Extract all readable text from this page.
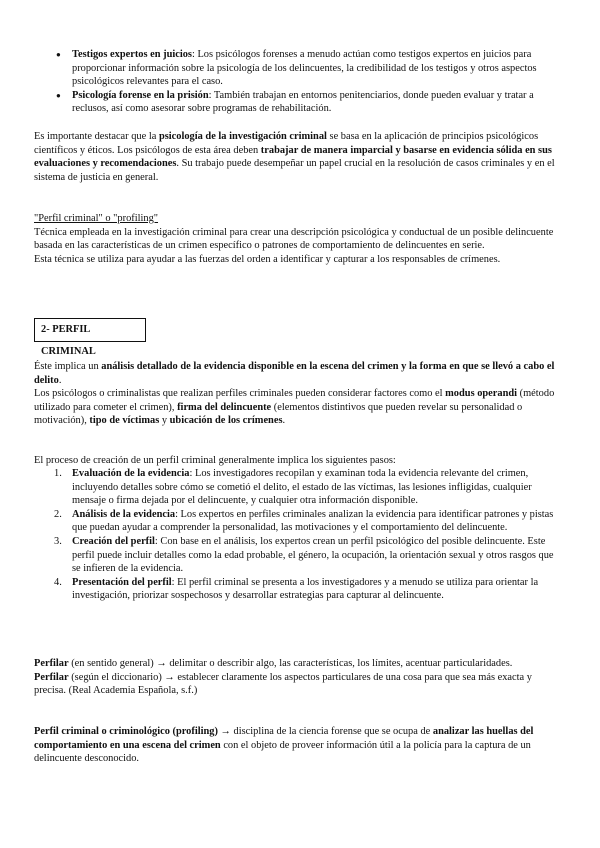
● Testigos expertos en juicios: Los psicólogos forenses a menudo actúan como testigos expertos en juicios para proporcionar información sobre la psicología de los delincuentes, la credibilidad de los testigos y otros aspectos psicológicos relevantes para el caso.
● Psicología forense en la prisión: También trabajan en entornos penitenciarios, donde pueden evaluar y tratar a reclusos, así como asesorar sobre programas de rehabilitación.

Es importante destacar que la psicología de la investigación criminal se basa en la aplicación de principios psicológicos científicos y éticos. Los psicólogos de esta área deben trabajar de manera imparcial y basarse en evidencia sólida en sus evaluaciones y recomendaciones. Su trabajo puede desempeñar un papel crucial en la resolución de casos criminales y en el sistema de justicia en general.

"Perfil criminal" o "profiling"

Técnica empleada en la investigación criminal para crear una descripción psicológica y conductual de un posible delincuente basada en las características de un crimen específico o patrones de comportamiento de delincuentes en serie.

Esta técnica se utiliza para ayudar a las fuerzas del orden a identificar y capturar a los responsables de crímenes.

2- PERFIL CRIMINAL

Éste implica un análisis detallado de la evidencia disponible en la escena del crimen y la forma en que se llevó a cabo el delito.

Los psicólogos o criminalistas que realizan perfiles criminales pueden considerar factores como el modus operandi (método utilizado para cometer el crimen), firma del delincuente (elementos distintivos que pueden revelar su personalidad o motivación), tipo de víctimas y ubicación de los crímenes.

El proceso de creación de un perfil criminal generalmente implica los siguientes pasos:

1. Evaluación de la evidencia: Los investigadores recopilan y examinan toda la evidencia relevante del crimen, incluyendo detalles sobre cómo se cometió el delito, el estado de las víctimas, las lesiones infligidas, cualquier mensaje o firma dejada por el delincuente, y cualquier otra información disponible.
2. Análisis de la evidencia: Los expertos en perfiles criminales analizan la evidencia para identificar patrones y pistas que puedan ayudar a comprender la personalidad, las motivaciones y el comportamiento del delincuente.
3. Creación del perfil: Con base en el análisis, los expertos crean un perfil psicológico del posible delincuente. Este perfil puede incluir detalles como la edad probable, el género, la ocupación, la orientación sexual y otros rasgos que se infieren de la evidencia.
4. Presentación del perfil: El perfil criminal se presenta a los investigadores y a menudo se utiliza para orientar la investigación, priorizar sospechosos y desarrollar estrategias para capturar al delincuente.

Perfilar (en sentido general) → delimitar o describir algo, las características, los límites, acentuar particularidades.

Perfilar (según el diccionario) → establecer claramente los aspectos particulares de una cosa para que sea más exacta y precisa. (Real Academia Española, s.f.)

Perfil criminal o criminológico (profiling) → disciplina de la ciencia forense que se ocupa de analizar las huellas del comportamiento en una escena del crimen con el objeto de proveer información útil a la policía para la captura de un delincuente desconocido.
